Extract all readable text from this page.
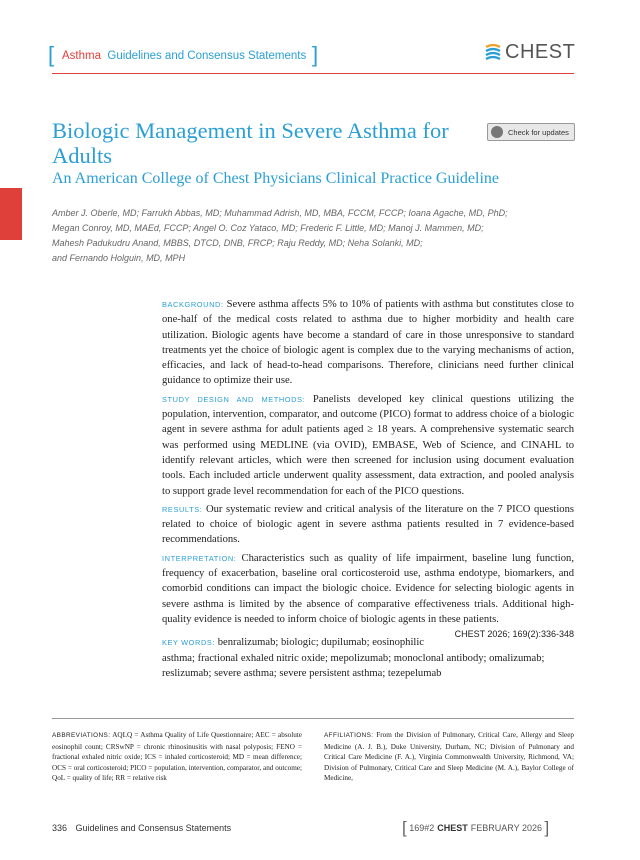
[ Asthma Guidelines and Consensus Statements ]	CHEST
Biologic Management in Severe Asthma for Adults
Check for updates
An American College of Chest Physicians Clinical Practice Guideline
Amber J. Oberle, MD; Farrukh Abbas, MD; Muhammad Adrish, MD, MBA, FCCM, FCCP; Ioana Agache, MD, PhD;
Megan Conroy, MD, MAEd, FCCP; Angel O. Coz Yataco, MD; Frederic F. Little, MD; Manoj J. Mammen, MD;
Mahesh Padukudru Anand, MBBS, DTCD, DNB, FRCP; Raju Reddy, MD; Neha Solanki, MD;
and Fernando Holguin, MD, MPH

BACKGROUND: Severe asthma affects 5% to 10% of patients with asthma but constitutes close to one-half of the medical costs related to asthma due to higher morbidity and health care utilization. Biologic agents have become a standard of care in those unresponsive to standard treatments yet the choice of biologic agent is complex due to the varying mechanisms of action, efficacies, and lack of head-to-head comparisons. Therefore, clinicians need further clinical guidance to optimize their use.

STUDY DESIGN AND METHODS: Panelists developed key clinical questions utilizing the population, intervention, comparator, and outcome (PICO) format to address choice of a biologic agent in severe asthma for adult patients aged ≥ 18 years. A comprehensive systematic search was performed using MEDLINE (via OVID), EMBASE, Web of Science, and CINAHL to identify relevant articles, which were then screened for inclusion using document evaluation tools. Each included article underwent quality assessment, data extraction, and pooled analysis to support grade level recommendation for each of the PICO questions.

RESULTS: Our systematic review and critical analysis of the literature on the 7 PICO questions related to choice of biologic agent in severe asthma patients resulted in 7 evidence-based recommendations.

INTERPRETATION: Characteristics such as quality of life impairment, baseline lung function, frequency of exacerbation, baseline oral corticosteroid use, asthma endotype, biomarkers, and comorbid conditions can impact the biologic choice. Evidence for selecting biologic agents in severe asthma is limited by the absence of comparative effectiveness trials. Additional high-quality evidence is needed to inform choice of biologic agents in these patients.
CHEST 2026; 169(2):336-348

KEY WORDS: benralizumab; biologic; dupilumab; eosinophilic asthma; fractional exhaled nitric oxide; mepolizumab; monoclonal antibody; omalizumab; reslizumab; severe asthma; severe persistent asthma; tezepelumab

ABBREVIATIONS: AQLQ = Asthma Quality of Life Questionnaire; AEC = absolute eosinophil count; CRSwNP = chronic rhinosinusitis with nasal polyposis; FENO = fractional exhaled nitric oxide; ICS = inhaled corticosteroid; MD = mean difference; OCS = oral corticosteroid; PICO = population, intervention, comparator, and outcome; QoL = quality of life; RR = relative risk
AFFILIATIONS: From the Division of Pulmonary, Critical Care, Allergy and Sleep Medicine (A. J. B.), Duke University, Durham, NC; Division of Pulmonary and Critical Care Medicine (F. A.), Virginia Commonwealth University, Richmond, VA; Division of Pulmonary, Critical Care and Sleep Medicine (M. A.), Baylor College of Medicine,
336 Guidelines and Consensus Statements	[
169#2 CHEST FEBRUARY 2026
]
